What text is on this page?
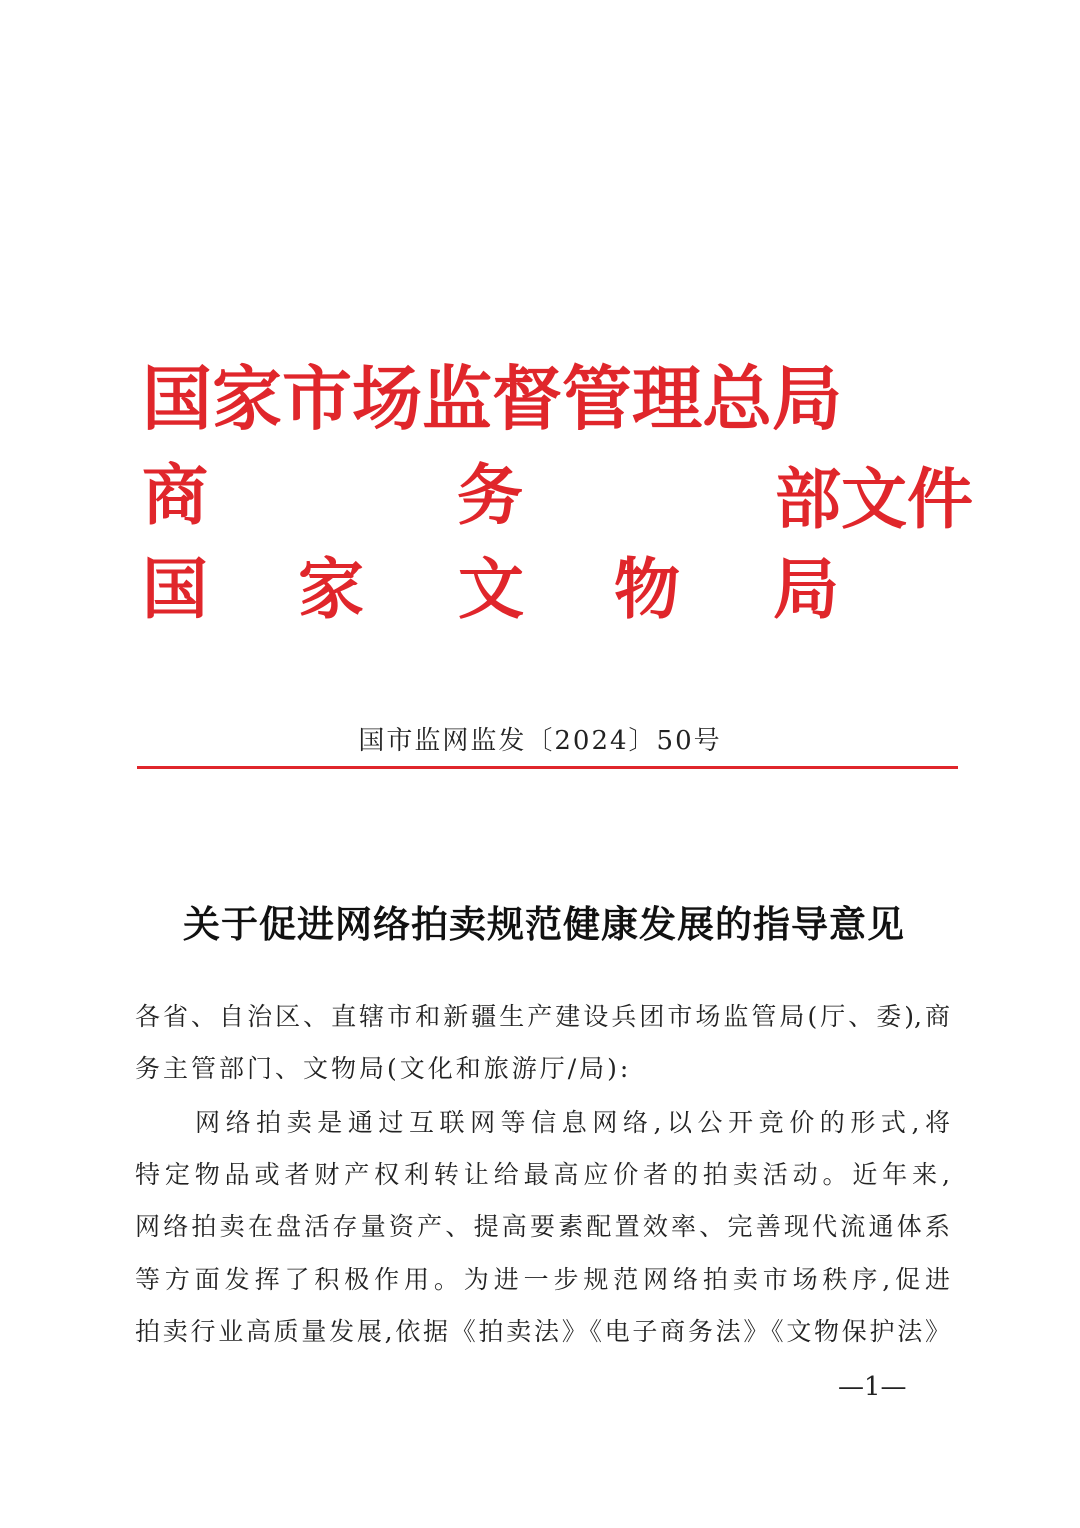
国家市场监督管理总局
商	务	部文件
国 家 文 物 局
国市监网监发〔2024〕50号
关于促进网络拍卖规范健康发展的指导意见
各省、自治区、直辖市和新疆生产建设兵团市场监管局(厅、委),商
务主管部门、文物局(文化和旅游厅/局):
网络拍卖是通过互联网等信息网络,以公开竞价的形式,将
特定物品或者财产权利转让给最高应价者的拍卖活动。近年来,
网络拍卖在盘活存量资产、提高要素配置效率、完善现代流通体系
等方面发挥了积极作用。为进一步规范网络拍卖市场秩序,促进
拍卖行业高质量发展,依据《拍卖法》《电子商务法》《文物保护法》
—1—
